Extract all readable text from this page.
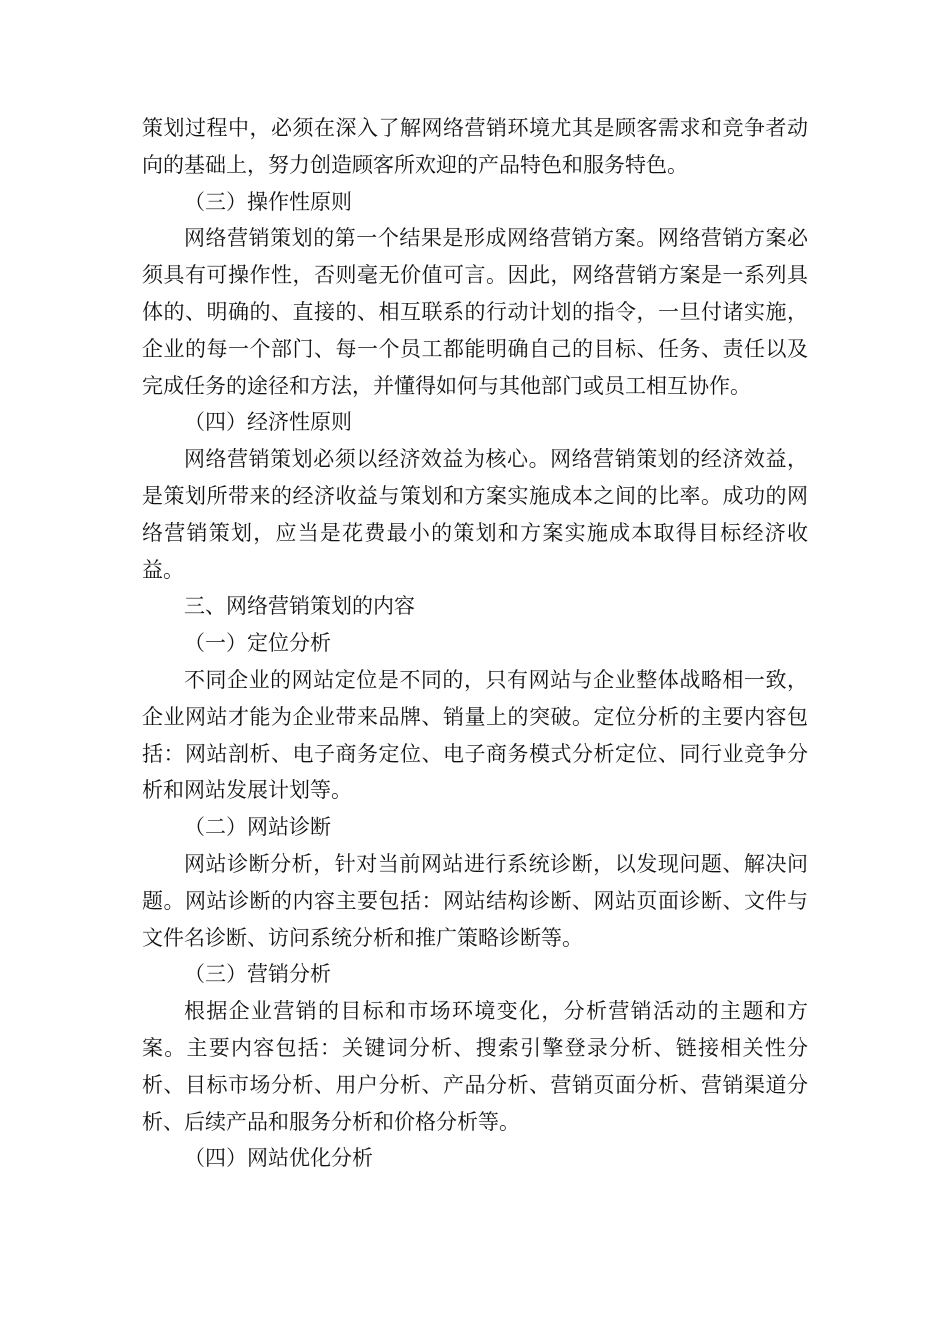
策划过程中，必须在深入了解网络营销环境尤其是顾客需求和竞争者动向的基础上，努力创造顾客所欢迎的产品特色和服务特色。

（三）操作性原则

网络营销策划的第一个结果是形成网络营销方案。网络营销方案必须具有可操作性，否则毫无价值可言。因此，网络营销方案是一系列具体的、明确的、直接的、相互联系的行动计划的指令，一旦付诸实施，企业的每一个部门、每一个员工都能明确自己的目标、任务、责任以及完成任务的途径和方法，并懂得如何与其他部门或员工相互协作。

（四）经济性原则

网络营销策划必须以经济效益为核心。网络营销策划的经济效益，是策划所带来的经济收益与策划和方案实施成本之间的比率。成功的网络营销策划，应当是花费最小的策划和方案实施成本取得目标经济收益。

三、网络营销策划的内容

（一）定位分析

不同企业的网站定位是不同的，只有网站与企业整体战略相一致，企业网站才能为企业带来品牌、销量上的突破。定位分析的主要内容包括：网站剖析、电子商务定位、电子商务模式分析定位、同行业竞争分析和网站发展计划等。

（二）网站诊断

网站诊断分析，针对当前网站进行系统诊断，以发现问题、解决问题。网站诊断的内容主要包括：网站结构诊断、网站页面诊断、文件与文件名诊断、访问系统分析和推广策略诊断等。

（三）营销分析

根据企业营销的目标和市场环境变化，分析营销活动的主题和方案。主要内容包括：关键词分析、搜索引擎登录分析、链接相关性分析、目标市场分析、用户分析、产品分析、营销页面分析、营销渠道分析、后续产品和服务分析和价格分析等。

（四）网站优化分析
